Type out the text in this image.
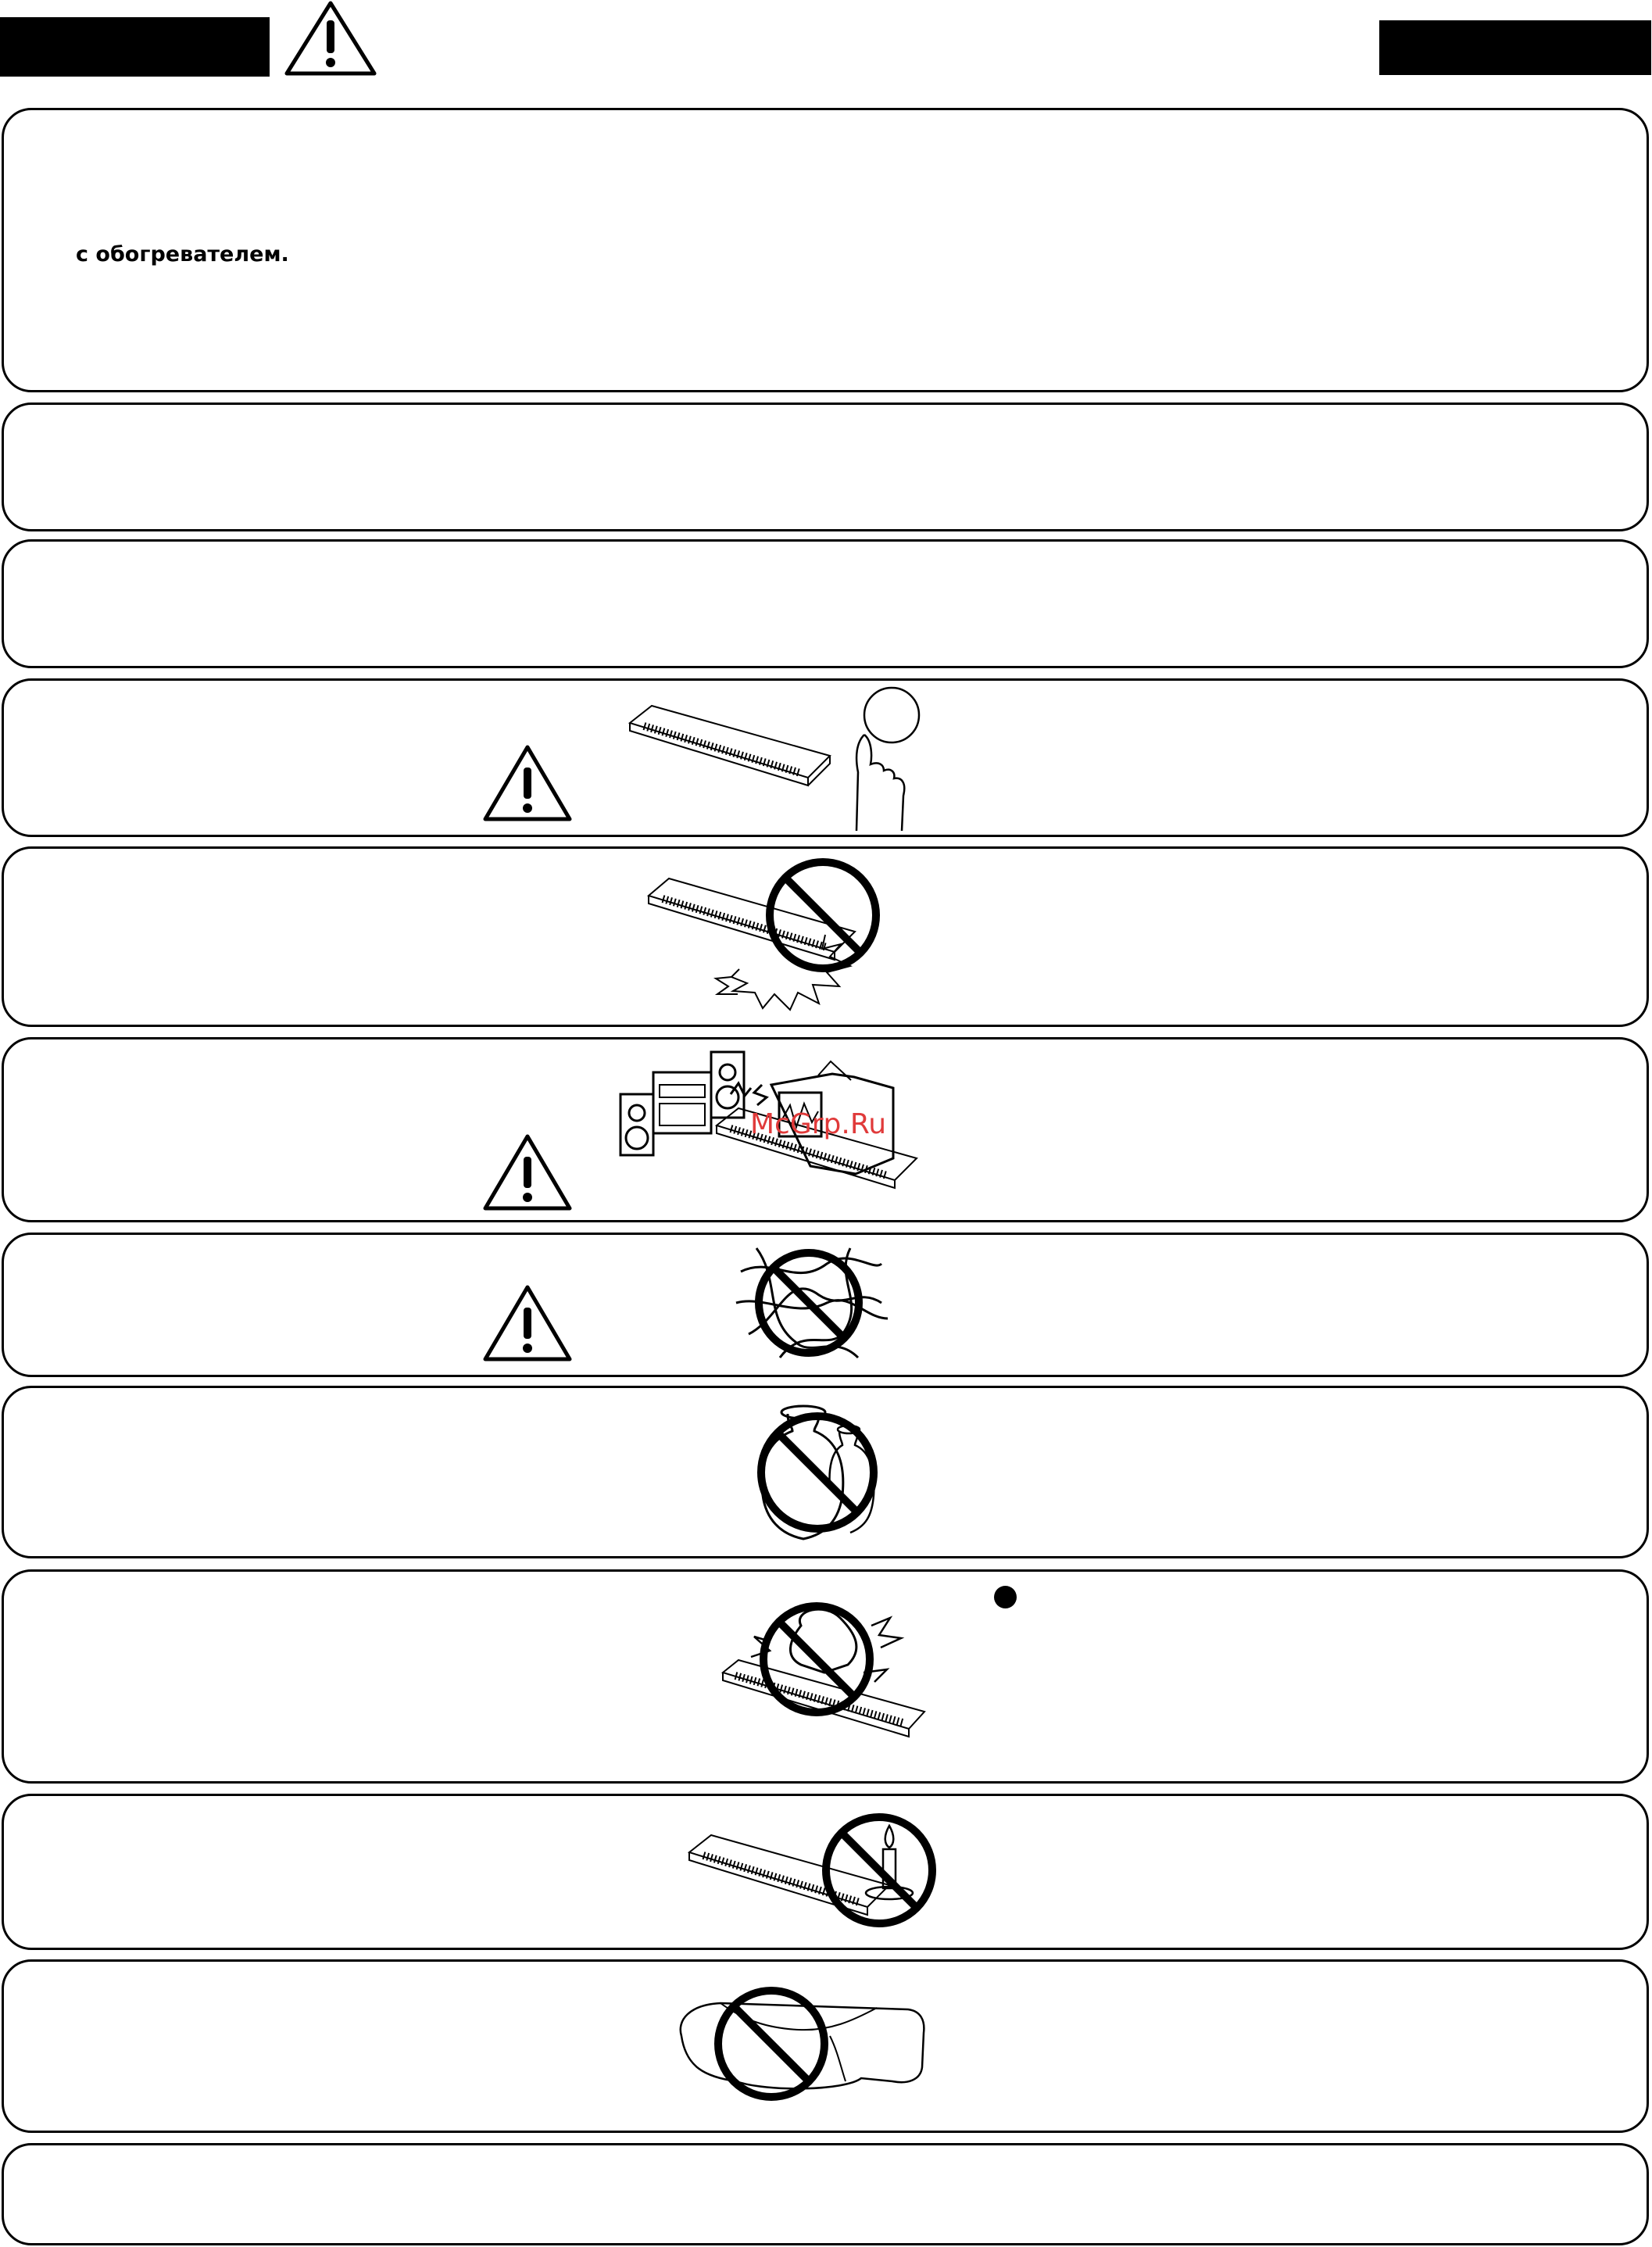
с обогревателем.
McGrp.Ru
